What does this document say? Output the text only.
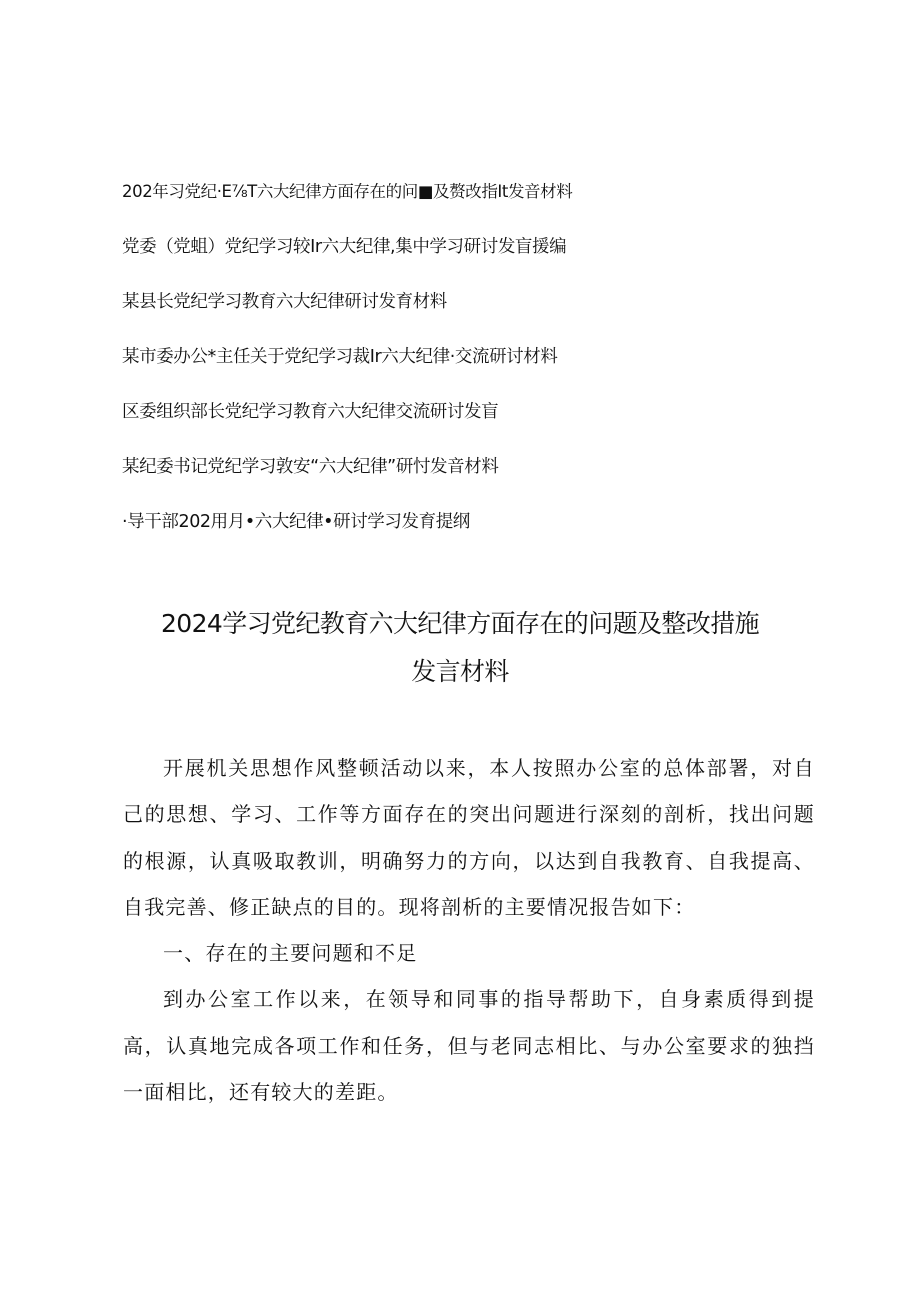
202年习党纪·E⅞T六大纪律方面存在的问■及赘改指It发音材料
党委（党蛆）党纪学习较Ir六大纪律,集中学习研讨发盲援编
某县长党纪学习教育六大纪律研讨发育材料
某市委办公*主任关于党纪学习裁Ir六大纪律·交流研讨材料
区委组织部长党纪学习教育六大纪律交流研讨发盲
某纪委书记党纪学习敦安“六大纪律”研忖发音材料
·导干部202用月•六大纪律•研讨学习发育提纲
2024学习党纪教育六大纪律方面存在的问题及整改措施
发言材料

开展机关思想作风整顿活动以来，本人按照办公室的总体部署，对自己的思想、学习、工作等方面存在的突出问题进行深刻的剖析，找出问题的根源，认真吸取教训，明确努力的方向，以达到自我教育、自我提高、自我完善、修正缺点的目的。现将剖析的主要情况报告如下：

一、存在的主要问题和不足

到办公室工作以来，在领导和同事的指导帮助下，自身素质得到提高，认真地完成各项工作和任务，但与老同志相比、与办公室要求的独挡一面相比，还有较大的差距。
